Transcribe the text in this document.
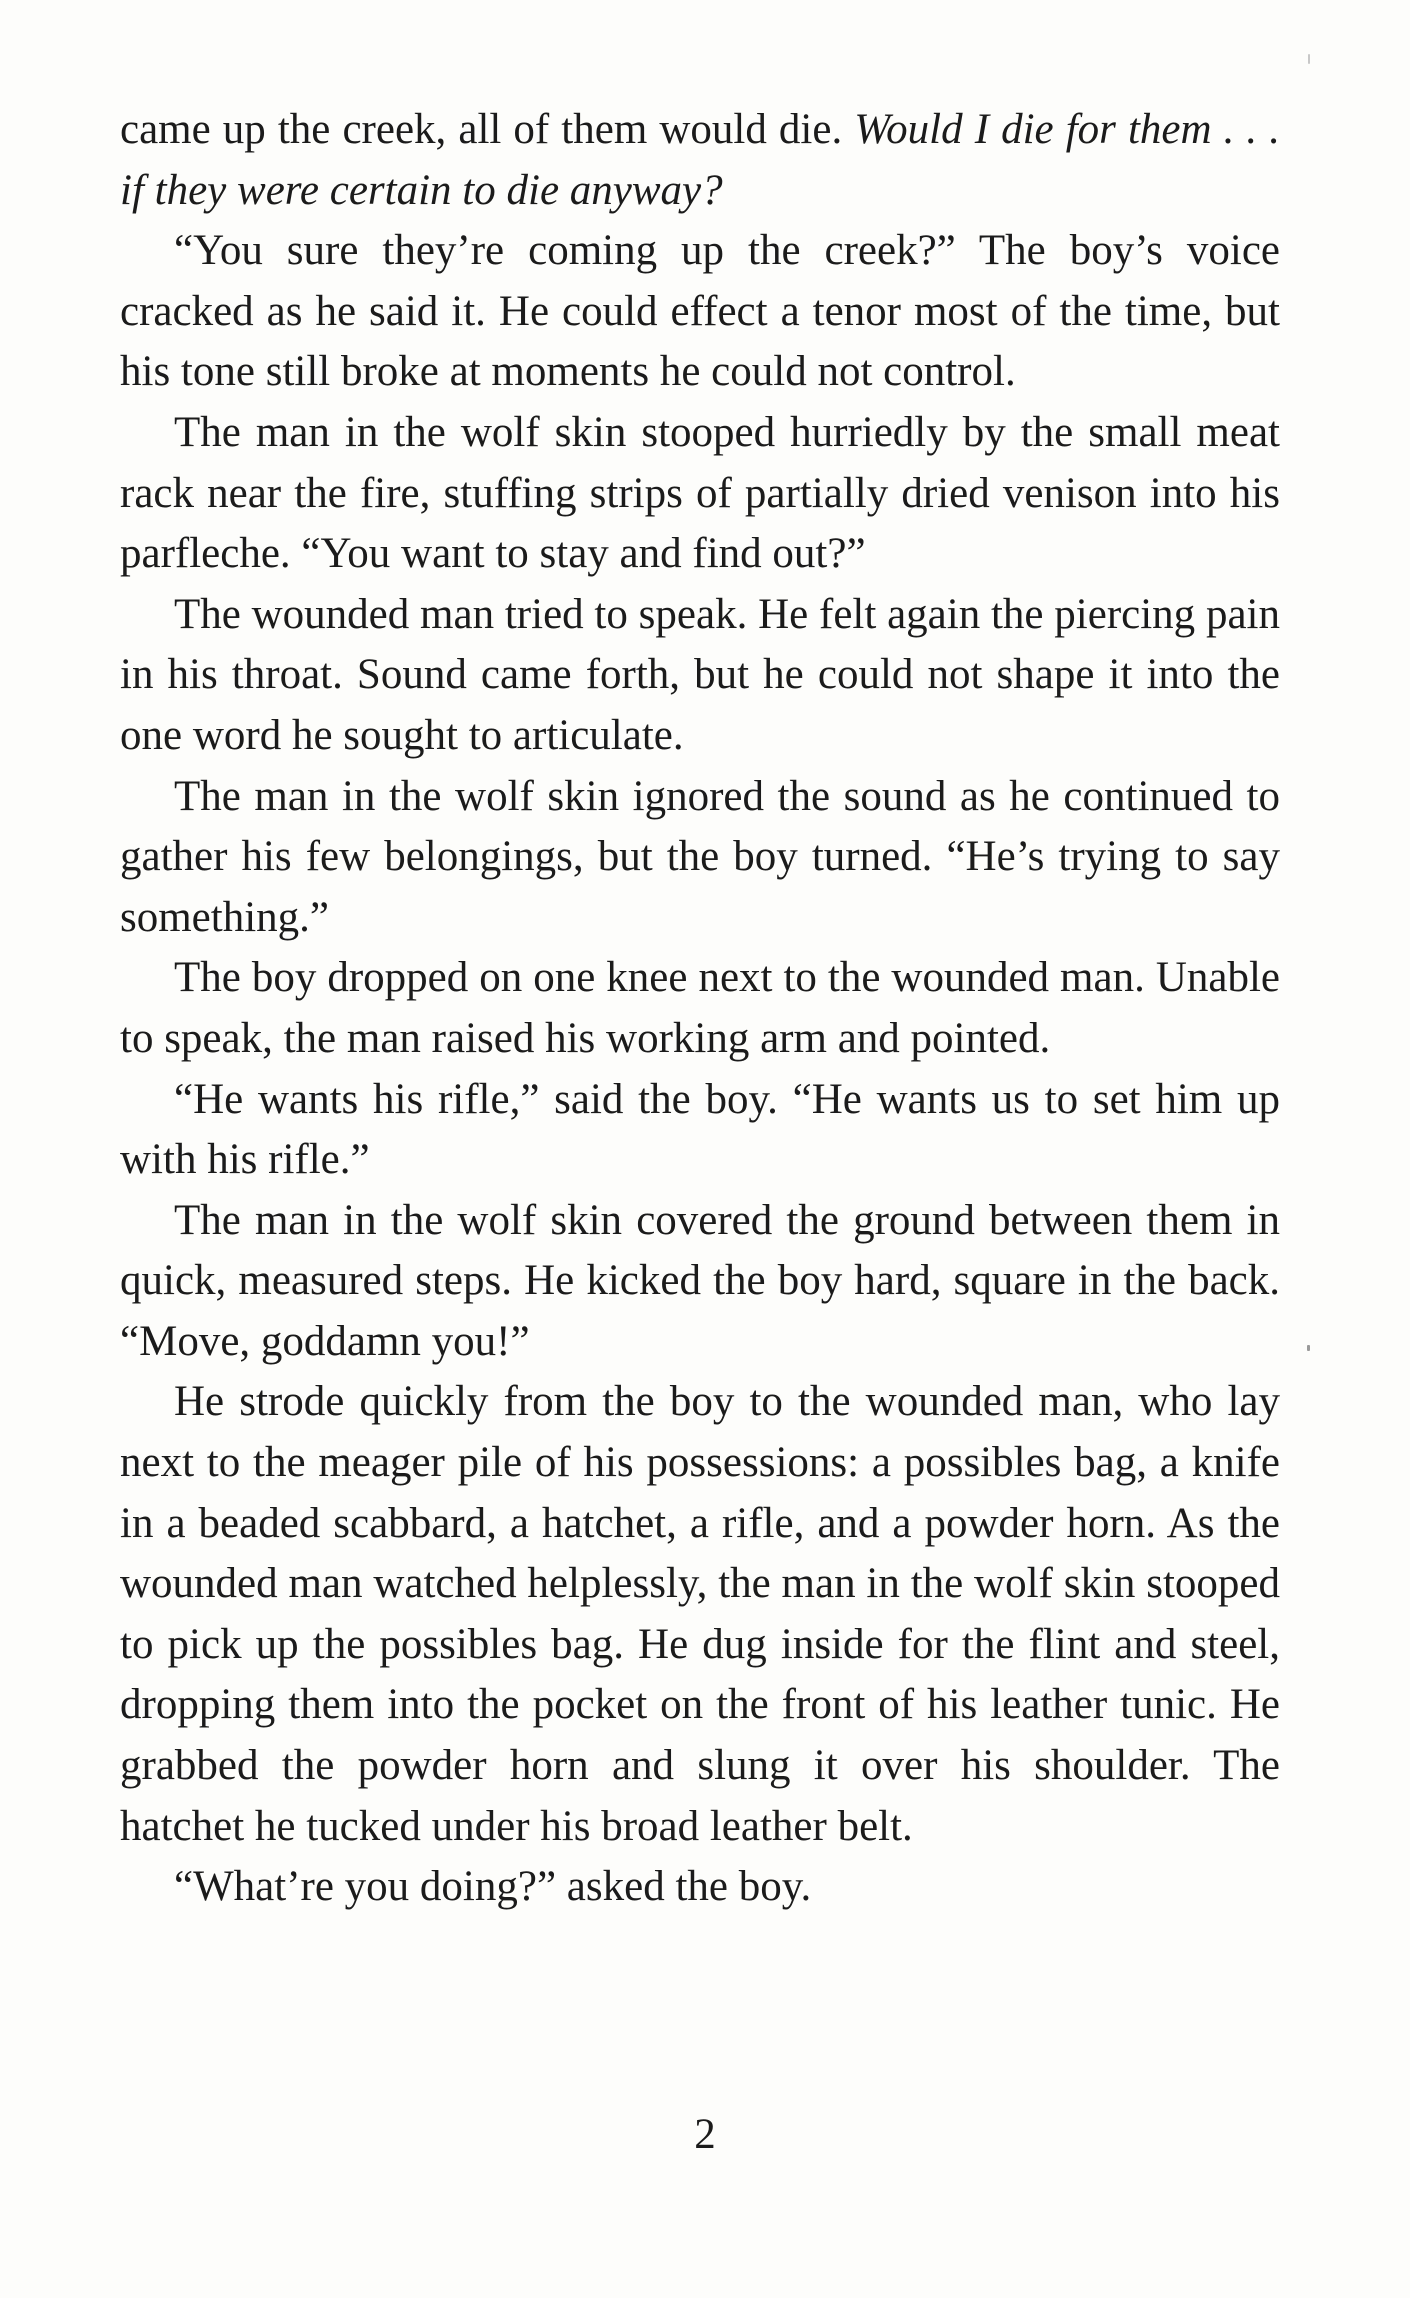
came up the creek, all of them would die. Would I die for them . . . if they were certain to die anyway?

“You sure they’re coming up the creek?” The boy’s voice cracked as he said it. He could effect a tenor most of the time, but his tone still broke at moments he could not control.

The man in the wolf skin stooped hurriedly by the small meat rack near the fire, stuffing strips of partially dried venison into his parfleche. “You want to stay and find out?”

The wounded man tried to speak. He felt again the piercing pain in his throat. Sound came forth, but he could not shape it into the one word he sought to articulate.

The man in the wolf skin ignored the sound as he continued to gather his few belongings, but the boy turned. “He’s trying to say something.”

The boy dropped on one knee next to the wounded man. Unable to speak, the man raised his working arm and pointed.

“He wants his rifle,” said the boy. “He wants us to set him up with his rifle.”

The man in the wolf skin covered the ground between them in quick, measured steps. He kicked the boy hard, square in the back. “Move, goddamn you!”

He strode quickly from the boy to the wounded man, who lay next to the meager pile of his possessions: a possibles bag, a knife in a beaded scabbard, a hatchet, a rifle, and a powder horn. As the wounded man watched helplessly, the man in the wolf skin stooped to pick up the possibles bag. He dug inside for the flint and steel, dropping them into the pocket on the front of his leather tunic. He grabbed the powder horn and slung it over his shoulder. The hatchet he tucked under his broad leather belt.

“What’re you doing?” asked the boy.

2
